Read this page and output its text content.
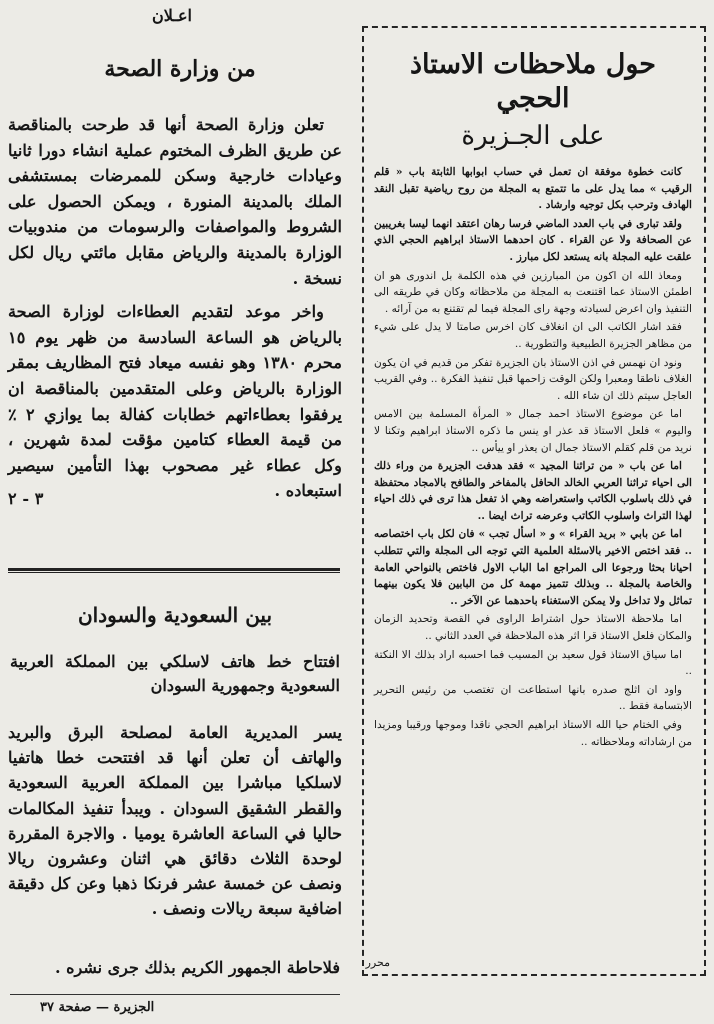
حول ملاحظات الاستاذ الحجي
على الجـزيرة

كانت خطوة موفقة ان تعمل في حساب ابوابها الثابتة باب « قلم الرقيب » مما يدل على ما تتمتع به المجلة من روح رياضية تقبل النقد الهادف وترحب بكل توجيه وارشاد .

ولقد تبارى في باب العدد الماضي فرسا رهان اعتقد انهما ليسا بغريبين عن الصحافة ولا عن القراء . كان احدهما الاستاذ ابراهيم الحجي الذي علقت عليه المجلة بانه يستعد لكل مبارز .

ومعاذ الله ان اكون من المبارزين في هذه الكلمة بل اندورى هو ان اطمئن الاستاذ عما اقتنعت به المجلة من ملاحظاته وكان في طريقه الى التنفيذ وان اعرض لسيادته وجهة راى المجلة فيما لم تقتنع به من آرائه .

فقد اشار الكاتب الى ان انغلاف كان اخرس صامتا لا يدل على شيء من مظاهر الجزيرة الطبيعية والتطورية ..

ونود ان نهمس في اذن الاستاذ بان الجزيرة تفكر من قديم في ان يكون الغلاف ناطقا ومعبرا ولكن الوقت زاحمها قبل تنفيذ الفكرة .. وفي القريب العاجل سيتم ذلك ان شاء الله .

اما عن موضوع الاستاذ احمد جمال « المرأة المسلمة بين الامس واليوم » فلعل الاستاذ قد عذر او ينس ما ذكره الاستاذ ابراهيم وتكنا لا نريد من قلم كقلم الاستاذ جمال ان يعذر او ييأس ..

اما عن باب « من تراثنا المجيد » فقد هدفت الجزيرة من وراء ذلك الى احياء تراثنا العربي الخالد الحافل بالمفاخر والطافح بالامجاد محتفظة في ذلك باسلوب الكاتب واستعراضه وهي اذ تفعل هذا ترى في ذلك احياء لهذا التراث واسلوب الكاتب وعرضه تراث ايضا ..

اما عن بابي « بريد القراء » و « اسأل تجب » فان لكل باب اختصاصه .. فقد اختص الاخير بالاسئلة العلمية التي توجه الى المجلة والتي تتطلب احيانا بحثا ورجوعا الى المراجع اما الباب الاول فاختص بالنواحي العامة والخاصة بالمجلة .. وبذلك تتميز مهمة كل من البابين فلا يكون بينهما تماثل ولا تداخل ولا يمكن الاستغناء باحدهما عن الآخر ..

اما ملاحظة الاستاذ حول اشتراط الراوى في القصة وتحديد الزمان والمكان فلعل الاستاذ قرا اثر هذه الملاحظة في العدد الثاني ..

اما سياق الاستاذ قول سعيد بن المسيب فما احسبه اراد بذلك الا النكتة ..

واود ان اثلج صدره بانها استطاعت ان تغتصب من رئيس التحرير الابتسامة فقط ..

وفي الختام حيا الله الاستاذ ابراهيم الحجي ناقدا وموجها ورقيبا ومزيدا من ارشاداته وملاحظاته ..

محرر
اعـلان
من وزارة الصحة

تعلن وزارة الصحة أنها قد طرحت بالمناقصة عن طريق الظرف المختوم عملية انشاء دورا ثانيا وعيادات خارجية وسكن للممرضات بمستشفى الملك بالمدينة المنورة ، ويمكن الحصول على الشروط والمواصفات والرسومات من مندوبيات الوزارة بالمدينة والرياض مقابل مائتي ريال لكل نسخة .

واخر موعد لتقديم العطاءات لوزارة الصحة بالرياض هو الساعة السادسة من ظهر يوم ١٥ محرم ١٣٨٠ وهو نفسه ميعاد فتح المظاريف بمقر الوزارة بالرياض وعلى المتقدمين بالمناقصة ان يرفقوا بعطاءاتهم خطابات كفالة بما يوازي ٢ ٪ من قيمة العطاء كتامين مؤقت لمدة شهرين ، وكل عطاء غير مصحوب بهذا التأمين سيصير استبعاده .

٣ - ٢
بين السعودية والسودان
افتتاح خط هاتف لاسلكي بين المملكة العربية السعودية وجمهورية السودان

يسر المديرية العامة لمصلحة البرق والبريد والهاتف أن تعلن أنها قد افتتحت خطا هاتفيا لاسلكيا مباشرا بين المملكة العربية السعودية والقطر الشقيق السودان . ويبدأ تنفيذ المكالمات حاليا في الساعة العاشرة يوميا . والاجرة المقررة لوحدة الثلاث دقائق هي اثنان وعشرون ريالا ونصف عن خمسة عشر فرنكا ذهبا وعن كل دقيقة اضافية سبعة ريالات ونصف .

فلاحاطة الجمهور الكريم بذلك جرى نشره .
الجزيرة — صفحة ٣٧
